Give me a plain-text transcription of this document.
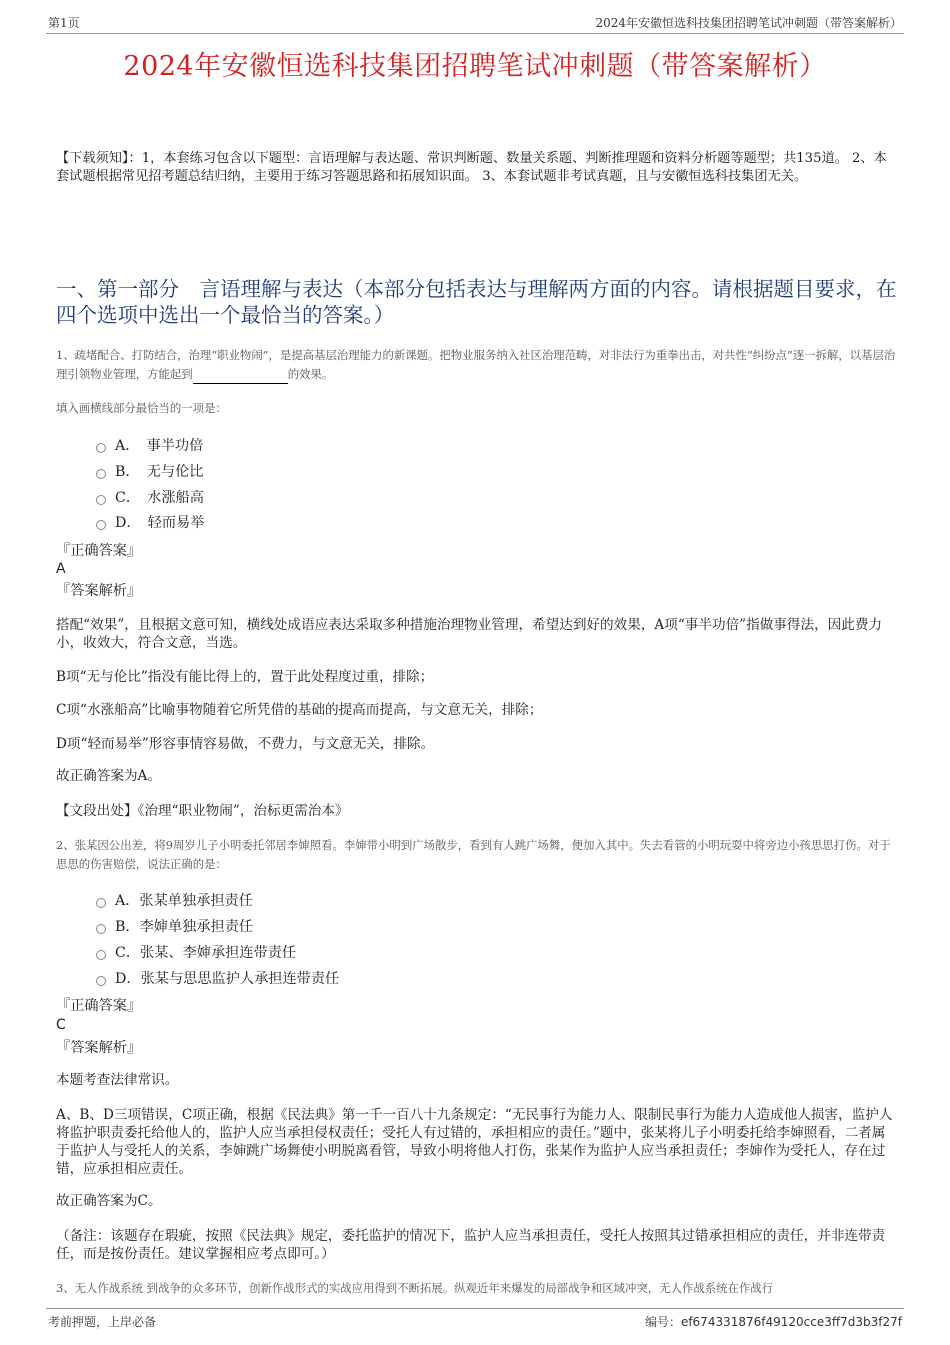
第1页	2024年安徽恒选科技集团招聘笔试冲刺题（带答案解析）
2024年安徽恒选科技集团招聘笔试冲刺题（带答案解析）
【下载须知】：1，本套练习包含以下题型：言语理解与表达题、常识判断题、数量关系题、判断推理题和资料分析题等题型；共135道。 2、本套试题根据常见招考题总结归纳，主要用于练习答题思路和拓展知识面。 3、本套试题非考试真题，且与安徽恒选科技集团无关。
一、第一部分　言语理解与表达（本部分包括表达与理解两方面的内容。请根据题目要求，在四个选项中选出一个最恰当的答案。）
1、疏堵配合、打防结合，治理“职业物闹”，是提高基层治理能力的新课题。把物业服务纳入社区治理范畴，对非法行为重拳出击，对共性“纠纷点”逐一拆解，以基层治理引领物业管理，方能起到	的效果。
填入画横线部分最恰当的一项是：
A．　事半功倍
B．　无与伦比
C．　水涨船高
D．　轻而易举
『正确答案』
A
『答案解析』
搭配“效果”，且根据文意可知，横线处成语应表达采取多种措施治理物业管理，希望达到好的效果，A项“事半功倍”指做事得法，因此费力小，收效大，符合文意，当选。
B项“无与伦比”指没有能比得上的，置于此处程度过重，排除；
C项“水涨船高”比喻事物随着它所凭借的基础的提高而提高，与文意无关，排除；
D项“轻而易举”形容事情容易做，不费力，与文意无关，排除。
故正确答案为A。
【文段出处】《治理“职业物闹”，治标更需治本》
2、张某因公出差，将9周岁儿子小明委托邻居李婶照看。李婶带小明到广场散步，看到有人跳广场舞，便加入其中。失去看管的小明玩耍中将旁边小孩思思打伤。对于思思的伤害赔偿，说法正确的是：
A．张某单独承担责任
B．李婶单独承担责任
C．张某、李婶承担连带责任
D．张某与思思监护人承担连带责任
『正确答案』
C
『答案解析』
本题考查法律常识。
A、B、D三项错误，C项正确，根据《民法典》第一千一百八十九条规定：“无民事行为能力人、限制民事行为能力人造成他人损害，监护人将监护职责委托给他人的，监护人应当承担侵权责任；受托人有过错的，承担相应的责任。”题中，张某将儿子小明委托给李婶照看，二者属于监护人与受托人的关系，李婶跳广场舞使小明脱离看管，导致小明将他人打伤，张某作为监护人应当承担责任；李婶作为受托人，存在过错，应承担相应责任。
故正确答案为C。
（备注：该题存在瑕疵，按照《民法典》规定，委托监护的情况下，监护人应当承担责任，受托人按照其过错承担相应的责任，并非连带责任，而是按份责任。建议掌握相应考点即可。）
3、无人作战系统 到战争的众多环节，创新作战形式的实战应用得到不断拓展。纵观近年来爆发的局部战争和区域冲突，无人作战系统在作战行
考前押题，上岸必备	编号：ef674331876f49120cce3ff7d3b3f27f
